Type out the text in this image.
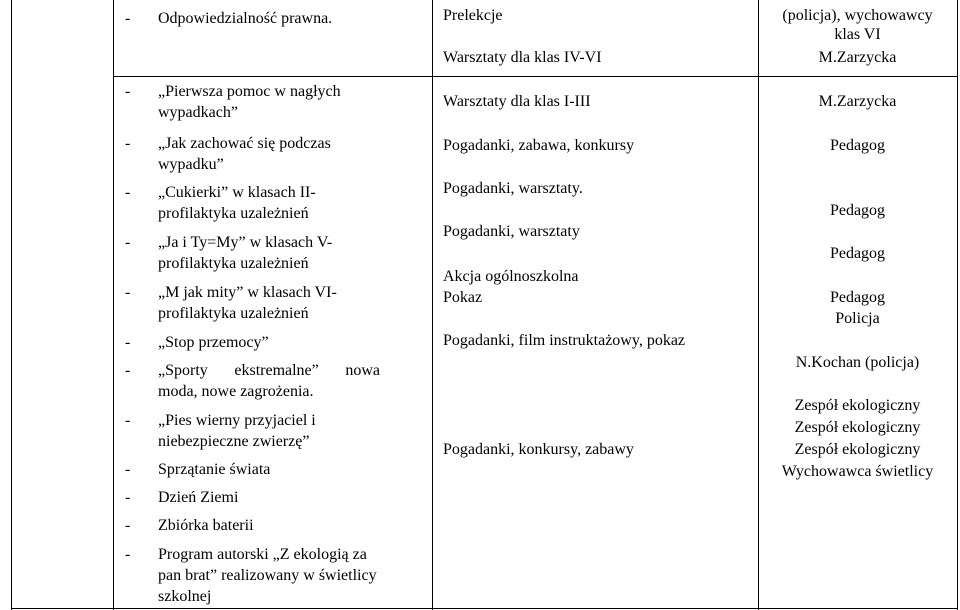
- Odpowiedzialność prawna.
- „Pierwsza pomoc w nagłych
wypadkach”
- „Jak zachować się podczas
wypadku”
- „Cukierki” w klasach II-
profilaktyka uzależnień
- „Ja i Ty=My” w klasach V-
profilaktyka uzależnień
- „M jak mity” w klasach VI-
profilaktyka uzależnień
- „Stop przemocy”
- „Sporty ekstremalne” nowa
moda, nowe zagrożenia.
- „Pies wierny przyjaciel i
niebezpieczne zwierzę”
- Sprzątanie świata
- Dzień Ziemi
- Zbiórka baterii
- Program autorski „Z ekologią za
pan brat” realizowany w świetlicy
szkolnej
Prelekcje
Warsztaty dla klas IV-VI
Warsztaty dla klas I-III
Pogadanki, zabawa, konkursy
Pogadanki, warsztaty.
Pogadanki, warsztaty
Akcja ogólnoszkolna
Pokaz
Pogadanki, film instruktażowy, pokaz
Pogadanki, konkursy, zabawy
(policja), wychowawcy
klas VI
M.Zarzycka
M.Zarzycka
Pedagog
Pedagog
Pedagog
Pedagog
Policja
N.Kochan (policja)
Zespół ekologiczny
Zespół ekologiczny
Zespół ekologiczny
Wychowawca świetlicy
